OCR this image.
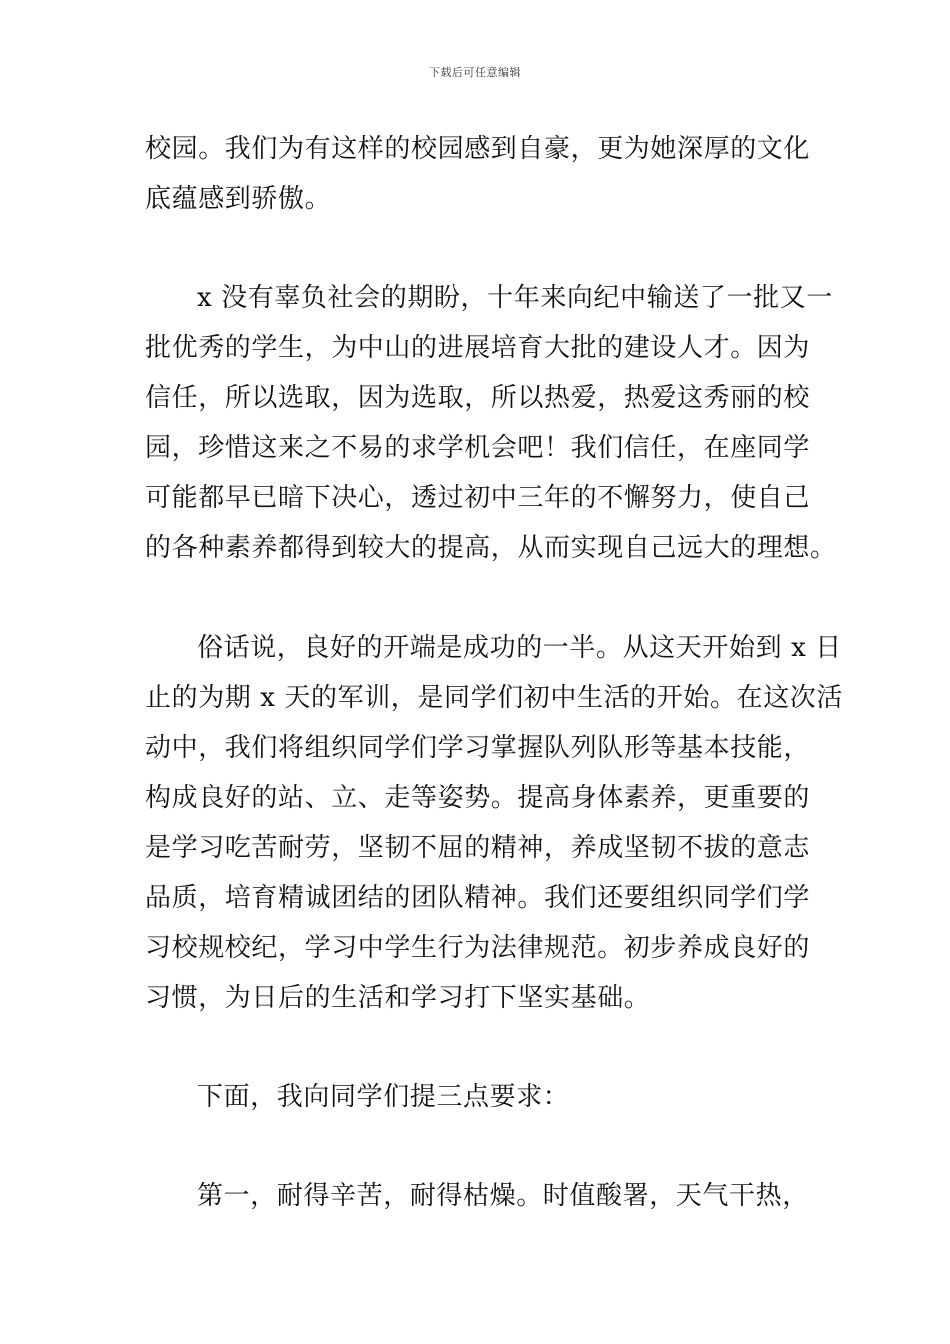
下载后可任意编辑
校园。我们为有这样的校园感到自豪，更为她深厚的文化
底蕴感到骄傲。
x 没有辜负社会的期盼，十年来向纪中输送了一批又一
批优秀的学生，为中山的进展培育大批的建设人才。因为
信任，所以选取，因为选取，所以热爱，热爱这秀丽的校
园，珍惜这来之不易的求学机会吧！我们信任，在座同学
可能都早已暗下决心，透过初中三年的不懈努力，使自己
的各种素养都得到较大的提高，从而实现自己远大的理想。
俗话说，良好的开端是成功的一半。从这天开始到 x 日
止的为期 x 天的军训，是同学们初中生活的开始。在这次活
动中，我们将组织同学们学习掌握队列队形等基本技能，
构成良好的站、立、走等姿势。提高身体素养，更重要的
是学习吃苦耐劳，坚韧不屈的精神，养成坚韧不拔的意志
品质，培育精诚团结的团队精神。我们还要组织同学们学
习校规校纪，学习中学生行为法律规范。初步养成良好的
习惯，为日后的生活和学习打下坚实基础。
下面，我向同学们提三点要求：
第一，耐得辛苦，耐得枯燥。时值酸署，天气干热，
